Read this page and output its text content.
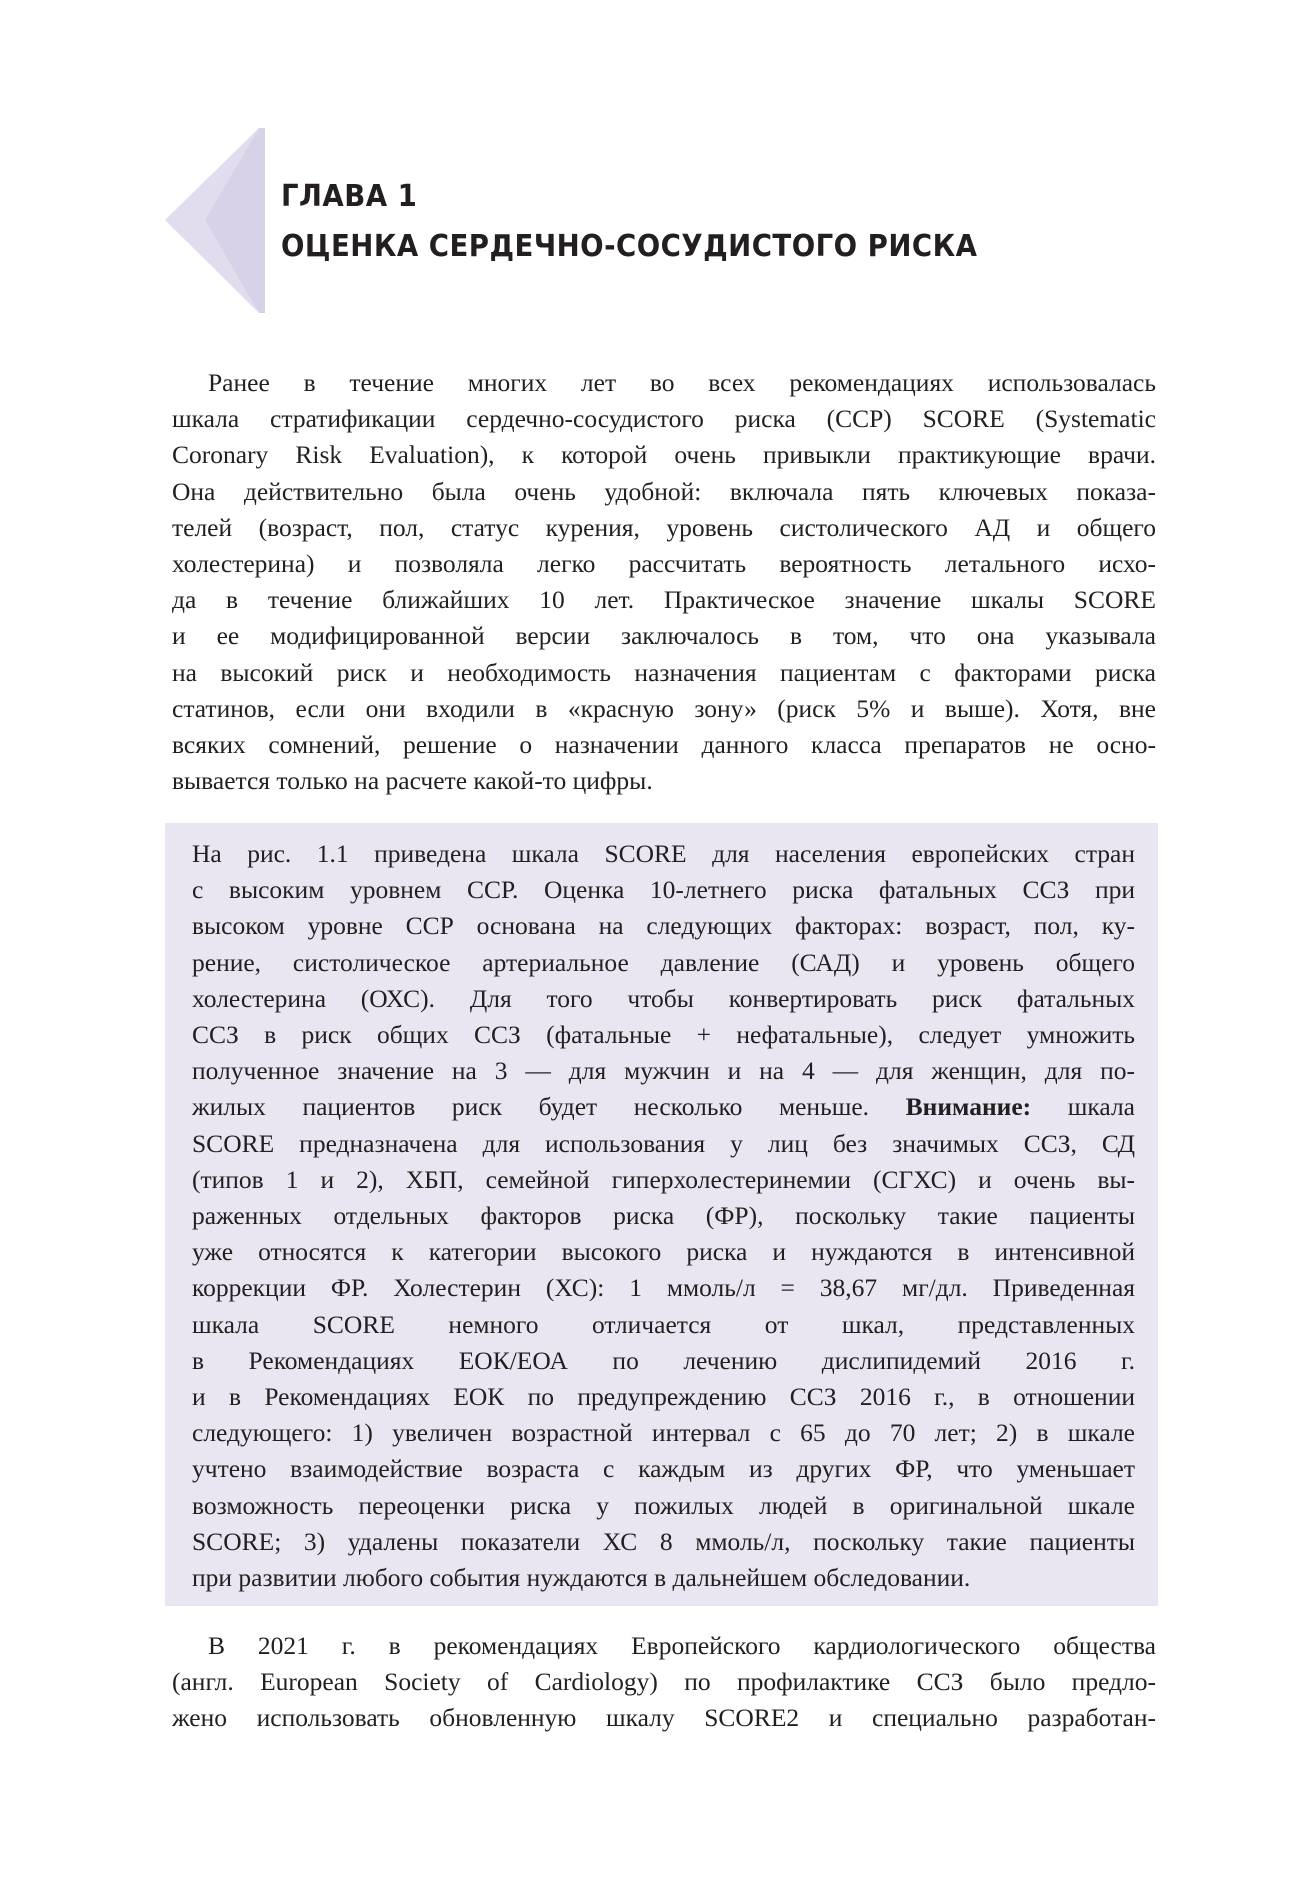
ГЛАВА 1
ОЦЕНКА СЕРДЕЧНО-СОСУДИСТОГО РИСКА

Ранее в течение многих лет во всех рекомендациях использовалась
шкала стратификации сердечно-сосудистого риска (ССР) SCORE (Systematic
Coronary Risk Evaluation), к которой очень привыкли практикующие врачи.
Она действительно была очень удобной: включала пять ключевых показа-
телей (возраст, пол, статус курения, уровень систолического АД и общего
холестерина) и позволяла легко рассчитать вероятность летального исхо-
да в течение ближайших 10 лет. Практическое значение шкалы SCORE
и ее модифицированной версии заключалось в том, что она указывала
на высокий риск и необходимость назначения пациентам с факторами риска
статинов, если они входили в «красную зону» (риск 5% и выше). Хотя, вне
всяких сомнений, решение о назначении данного класса препаратов не осно-
вывается только на расчете какой-то цифры.

На рис. 1.1 приведена шкала SCORE для населения европейских стран
с высоким уровнем ССР. Оценка 10-летнего риска фатальных ССЗ при
высоком уровне ССР основана на следующих факторах: возраст, пол, ку-
рение, систолическое артериальное давление (САД) и уровень общего
холестерина (ОХС). Для того чтобы конвертировать риск фатальных
ССЗ в риск общих ССЗ (фатальные + нефатальные), следует умножить
полученное значение на 3 — для мужчин и на 4 — для женщин, для по-
жилых пациентов риск будет несколько меньше. Внимание: шкала
SCORE предназначена для использования у лиц без значимых ССЗ, СД
(типов 1 и 2), ХБП, семейной гиперхолестеринемии (СГХС) и очень вы-
раженных отдельных факторов риска (ФР), поскольку такие пациенты
уже относятся к категории высокого риска и нуждаются в интенсивной
коррекции ФР. Холестерин (ХС): 1 ммоль/л = 38,67 мг/дл. Приведенная
шкала SCORE немного отличается от шкал, представленных
в Рекомендациях ЕОК/ЕОА по лечению дислипидемий 2016 г.
и в Рекомендациях ЕОК по предупреждению ССЗ 2016 г., в отношении
следующего: 1) увеличен возрастной интервал с 65 до 70 лет; 2) в шкале
учтено взаимодействие возраста с каждым из других ФР, что уменьшает
возможность переоценки риска у пожилых людей в оригинальной шкале
SCORE; 3) удалены показатели ХС 8 ммоль/л, поскольку такие пациенты
при развитии любого события нуждаются в дальнейшем обследовании.

В 2021 г. в рекомендациях Европейского кардиологического общества
(англ. European Society of Cardiology) по профилактике ССЗ было предло-
жено использовать обновленную шкалу SCORE2 и специально разработан-
